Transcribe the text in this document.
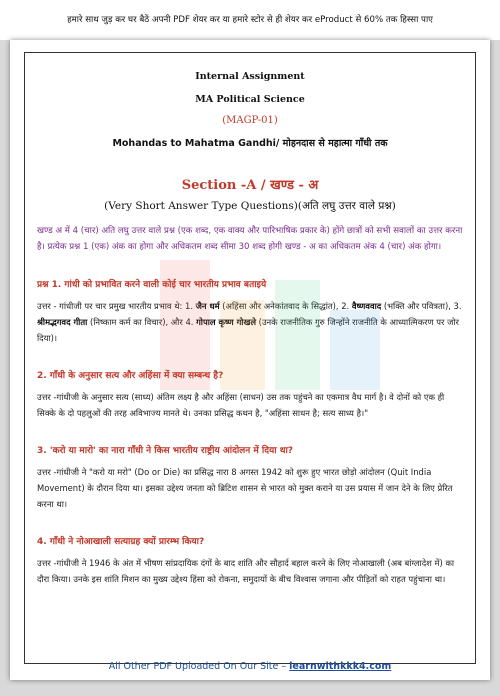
हमारे साथ जुड़ कर घर बैठें अपनी PDF शेयर कर या हमारे स्टोर से ही शेयर कर eProduct से 60% तक हिस्सा पाए
Internal Assignment
MA Political Science
(MAGP-01)
Mohandas to Mahatma Gandhi/ मोहनदास से महात्मा गाँधी तक
Section -A / खण्ड - अ
(Very Short Answer Type Questions)(अति लघु उत्तर वाले प्रश्न)
खण्ड अ में 4 (चार) अति लघु उत्तर वाले प्रश्न (एक शब्द, एक वाक्य और पारिभाषिक प्रकार के) होंगे छात्रों को सभी सवालों का उत्तर करना है। प्रत्येक प्रश्न 1 (एक) अंक का होगा और अधिकतम शब्द सीमा 30 शब्द होगी खण्ड - अ का अधिकतम अंक 4 (चार) अंक होगा।
प्रश्न 1. गांधी को प्रभावित करने वाली कोई चार भारतीय प्रभाव बताइये
उत्तर - गांधीजी पर चार प्रमुख भारतीय प्रभाव थे: 1. जैन धर्म (अहिंसा और अनेकांतवाद के सिद्धांत), 2. वैष्णववाद (भक्ति और पवित्रता), 3. श्रीमद्भगवद गीता (निष्काम कर्म का विचार), और 4. गोपाल कृष्ण गोखले (उनके राजनीतिक गुरु जिन्होंने राजनीति के आध्यात्मिकरण पर जोर दिया)।
2. गाँधी के अनुसार सत्य और अहिंसा में क्या सम्बन्ध है?
उत्तर -गांधीजी के अनुसार सत्य (साध्य) अंतिम लक्ष्य है और अहिंसा (साधन) उस तक पहुंचने का एकमात्र वैध मार्ग है। वे दोनों को एक ही सिक्के के दो पहलुओं की तरह अविभाज्य मानते थे। उनका प्रसिद्ध कथन है, "अहिंसा साधन है; सत्य साध्य है।"
3. 'करो या मारो' का नारा गाँधी ने किस भारतीय राष्ट्रीय आंदोलन में दिया था?
उत्तर -गांधीजी ने "करो या मरो" (Do or Die) का प्रसिद्ध नारा 8 अगस्त 1942 को शुरू हुए भारत छोड़ो आंदोलन (Quit India Movement) के दौरान दिया था। इसका उद्देश्य जनता को ब्रिटिश शासन से भारत को मुक्त कराने या उस प्रयास में जान देने के लिए प्रेरित करना था।
4. गाँधी ने नोआखाली सत्याग्रह क्यों प्रारम्भ किया?
उत्तर -गांधीजी ने 1946 के अंत में भीषण सांप्रदायिक दंगों के बाद शांति और सौहार्द बहाल करने के लिए नोआखाली (अब बांग्लादेश में) का दौरा किया। उनके इस शांति मिशन का मुख्य उद्देश्य हिंसा को रोकना, समुदायों के बीच विश्वास जगाना और पीड़ितों को राहत पहुंचाना था।
All Other PDF Uploaded On Our Site – learnwithkkk4.com
